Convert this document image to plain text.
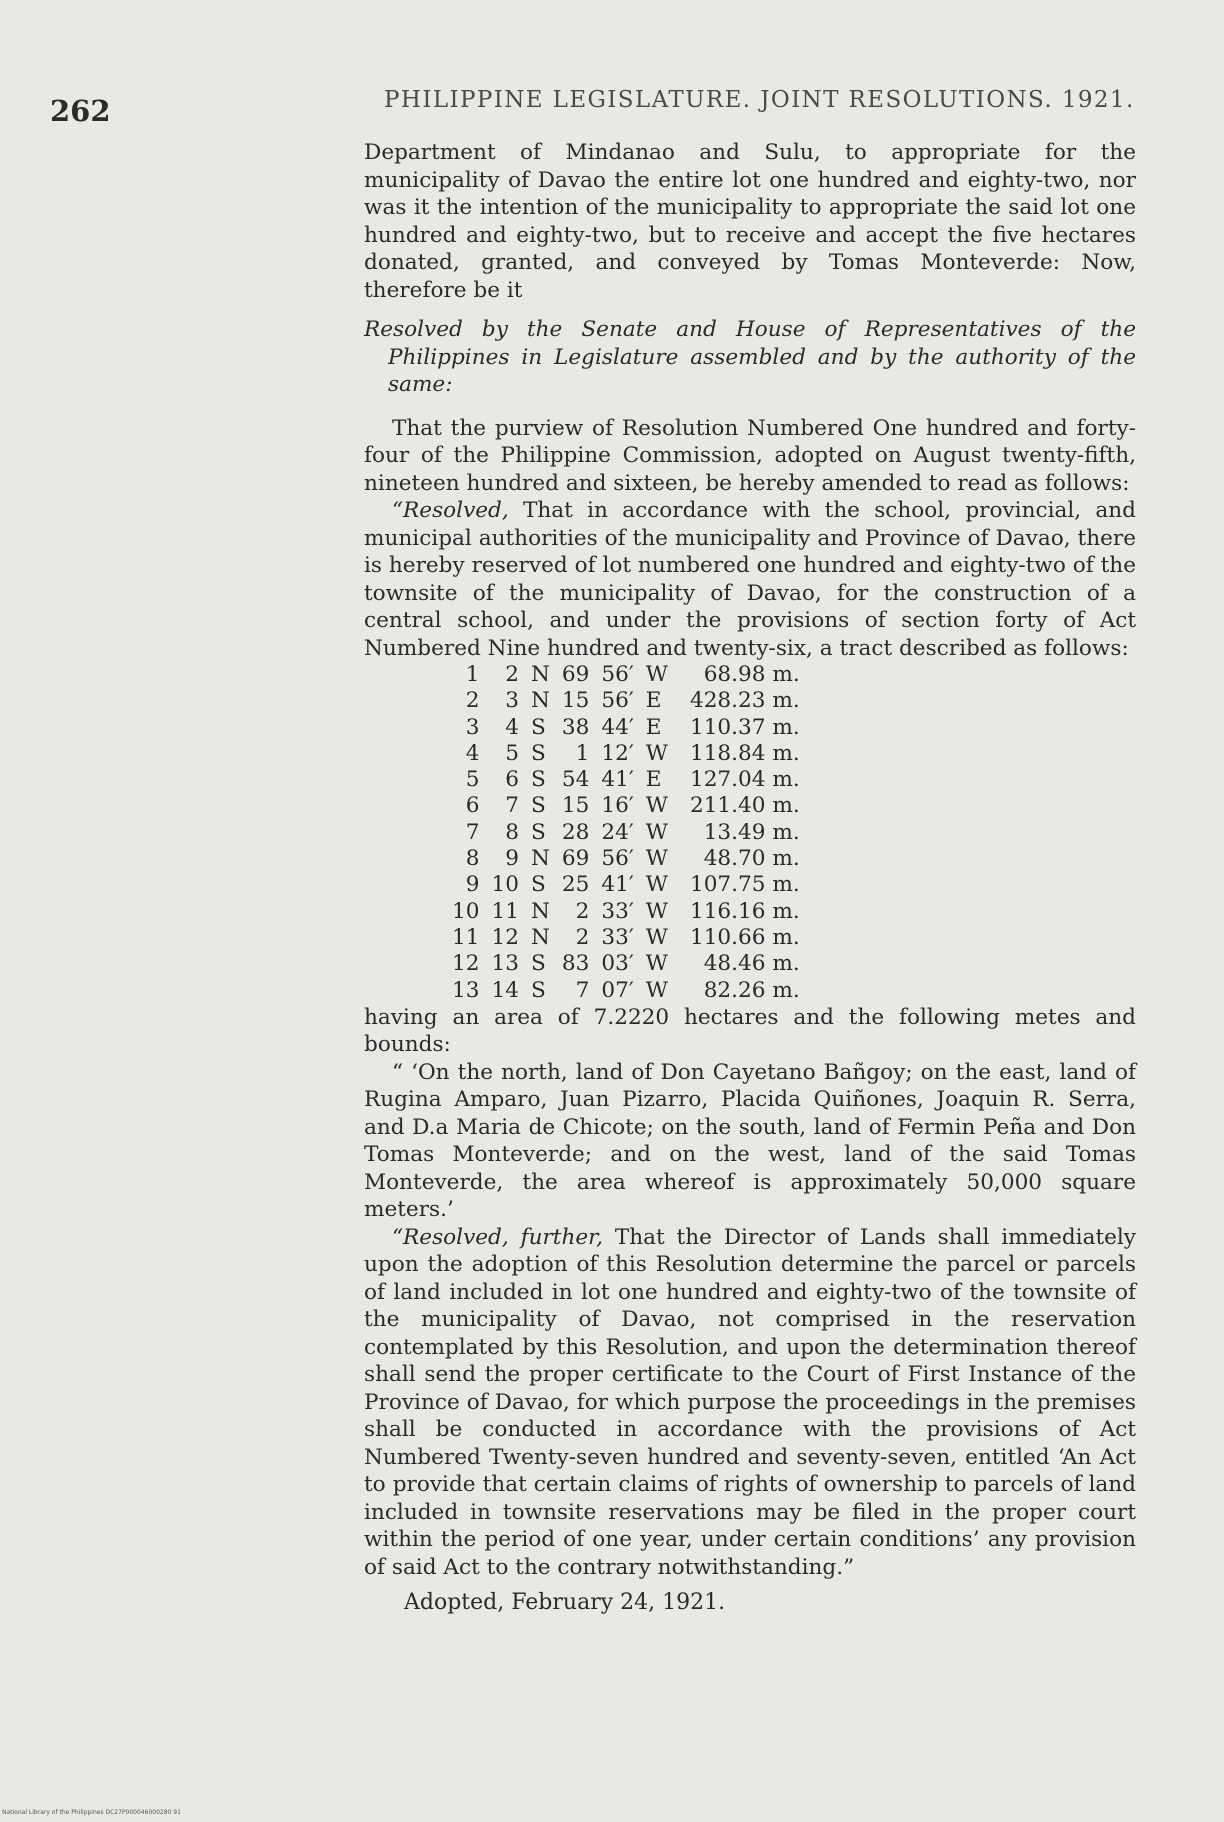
262	PHILIPPINE LEGISLATURE. JOINT RESOLUTIONS. 1921.

Department of Mindanao and Sulu, to appropriate for the municipality of Davao the entire lot one hundred and eighty-two, nor was it the intention of the municipality to appropriate the said lot one hundred and eighty-two, but to receive and accept the five hectares donated, granted, and conveyed by Tomas Monteverde: Now, therefore be it

Resolved by the Senate and House of Representatives of the Philippines in Legislature assembled and by the authority of the same:

That the purview of Resolution Numbered One hundred and forty-four of the Philippine Commission, adopted on August twenty-fifth, nineteen hundred and sixteen, be hereby amended to read as follows:

“Resolved, That in accordance with the school, provincial, and municipal authorities of the municipality and Province of Davao, there is hereby reserved of lot numbered one hundred and eighty-two of the townsite of the municipality of Davao, for the construction of a central school, and under the provisions of section forty of Act Numbered Nine hundred and twenty-six, a tract described as follows:

1	2	N	69	56′	W	68.98 m.
2	3	N	15	56′	E	428.23 m.
3	4	S	38	44′	E	110.37 m.
4	5	S	1	12′	W	118.84 m.
5	6	S	54	41′	E	127.04 m.
6	7	S	15	16′	W	211.40 m.
7	8	S	28	24′	W	13.49 m.
8	9	N	69	56′	W	48.70 m.
9	10	S	25	41′	W	107.75 m.
10	11	N	2	33′	W	116.16 m.
11	12	N	2	33′	W	110.66 m.
12	13	S	83	03′	W	48.46 m.
13	14	S	7	07′	W	82.26 m.

having an area of 7.2220 hectares and the following metes and bounds:

“ ‘On the north, land of Don Cayetano Bañgoy; on the east, land of Rugina Amparo, Juan Pizarro, Placida Quiñones, Joaquin R. Serra, and D.a Maria de Chicote; on the south, land of Fermin Peña and Don Tomas Monteverde; and on the west, land of the said Tomas Monteverde, the area whereof is approximately 50,000 square meters.’

“Resolved, further, That the Director of Lands shall immediately upon the adoption of this Resolution determine the parcel or parcels of land included in lot one hundred and eighty-two of the townsite of the municipality of Davao, not comprised in the reservation contemplated by this Resolution, and upon the determination thereof shall send the proper certificate to the Court of First Instance of the Province of Davao, for which purpose the proceedings in the premises shall be conducted in accordance with the provisions of Act Numbered Twenty-seven hundred and seventy-seven, entitled ‘An Act to provide that certain claims of rights of ownership to parcels of land included in townsite reservations may be filed in the proper court within the period of one year, under certain conditions’ any provision of said Act to the contrary notwithstanding.”

Adopted, February 24, 1921.

National Library of the Philippines DC27P000046000280 91
